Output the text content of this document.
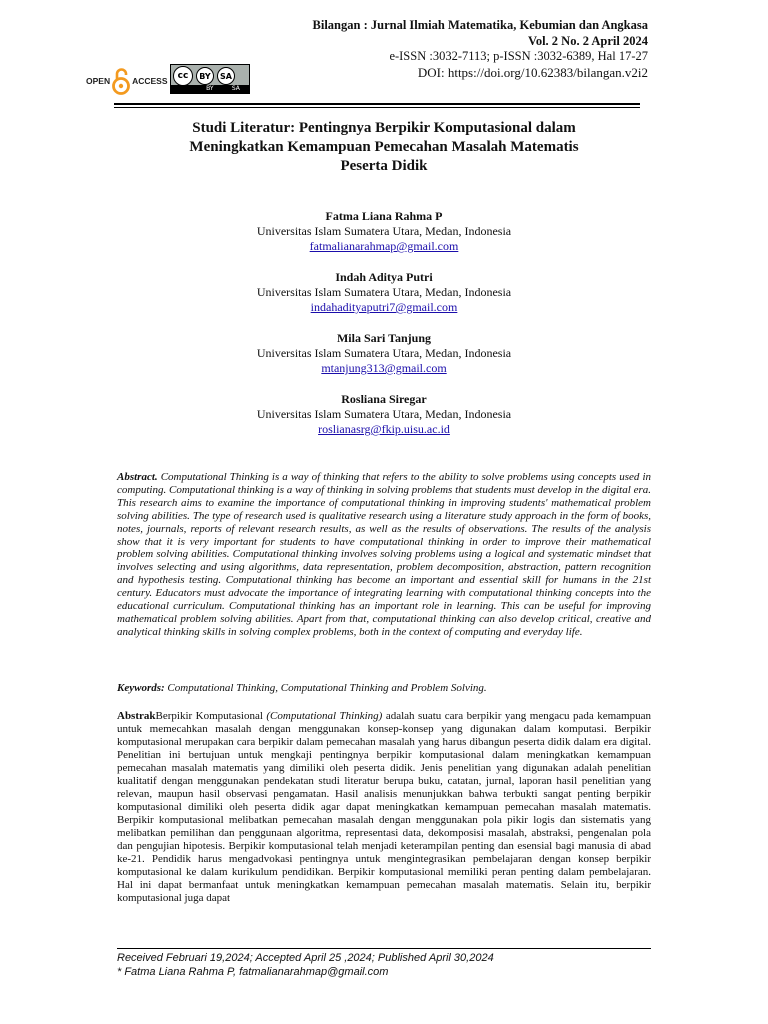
Bilangan : Jurnal Ilmiah Matematika, Kebumian dan Angkasa
Vol. 2 No. 2 April 2024
e-ISSN :3032-7113; p-ISSN :3032-6389, Hal 17-27
DOI: https://doi.org/10.62383/bilangan.v2i2
OPEN	ACCESS	cc	BY	SA
BY	SA
Studi Literatur: Pentingnya Berpikir Komputasional dalam
Meningkatkan Kemampuan Pemecahan Masalah Matematis
Peserta Didik
Fatma Liana Rahma P
Universitas Islam Sumatera Utara, Medan, Indonesia
fatmalianarahmap@gmail.com
Indah Aditya Putri
Universitas Islam Sumatera Utara, Medan, Indonesia
indahadityaputri7@gmail.com
Mila Sari Tanjung
Universitas Islam Sumatera Utara, Medan, Indonesia
mtanjung313@gmail.com
Rosliana Siregar
Universitas Islam Sumatera Utara, Medan, Indonesia
roslianasrg@fkip.uisu.ac.id
Abstract. Computational Thinking is a way of thinking that refers to the ability to solve problems using concepts used in computing. Computational thinking is a way of thinking in solving problems that students must develop in the digital era. This research aims to examine the importance of computational thinking in improving students' mathematical problem solving abilities. The type of research used is qualitative research using a literature study approach in the form of books, notes, journals, reports of relevant research results, as well as the results of observations. The results of the analysis show that it is very important for students to have computational thinking in order to improve their mathematical problem solving abilities. Computational thinking involves solving problems using a logical and systematic mindset that involves selecting and using algorithms, data representation, problem decomposition, abstraction, pattern recognition and hypothesis testing. Computational thinking has become an important and essential skill for humans in the 21st century. Educators must advocate the importance of integrating learning with computational thinking concepts into the educational curriculum. Computational thinking has an important role in learning. This can be useful for improving mathematical problem solving abilities. Apart from that, computational thinking can also develop critical, creative and analytical thinking skills in solving complex problems, both in the context of computing and everyday life.
Keywords: Computational Thinking, Computational Thinking and Problem Solving.
AbstrakBerpikir Komputasional (Computational Thinking) adalah suatu cara berpikir yang mengacu pada kemampuan untuk memecahkan masalah dengan menggunakan konsep-konsep yang digunakan dalam komputasi. Berpikir komputasional merupakan cara berpikir dalam pemecahan masalah yang harus dibangun peserta didik dalam era digital. Penelitian ini bertujuan untuk mengkaji pentingnya berpikir komputasional dalam meningkatkan kemampuan pemecahan masalah matematis yang dimiliki oleh peserta didik. Jenis penelitian yang digunakan adalah penelitian kualitatif dengan menggunakan pendekatan studi literatur berupa buku, catatan, jurnal, laporan hasil penelitian yang relevan, maupun hasil observasi pengamatan. Hasil analisis menunjukkan bahwa terbukti sangat penting berpikir komputasional dimiliki oleh peserta didik agar dapat meningkatkan kemampuan pemecahan masalah matematis. Berpikir komputasional melibatkan pemecahan masalah dengan menggunakan pola pikir logis dan sistematis yang melibatkan pemilihan dan penggunaan algoritma, representasi data, dekomposisi masalah, abstraksi, pengenalan pola dan pengujian hipotesis. Berpikir komputasional telah menjadi keterampilan penting dan esensial bagi manusia di abad ke-21. Pendidik harus mengadvokasi pentingnya untuk mengintegrasikan pembelajaran dengan konsep berpikir komputasional ke dalam kurikulum pendidikan. Berpikir komputasional memiliki peran penting dalam pembelajaran. Hal ini dapat bermanfaat untuk meningkatkan kemampuan pemecahan masalah matematis. Selain itu, berpikir komputasional juga dapat
Received Februari 19,2024; Accepted April 25 ,2024; Published April 30,2024
* Fatma Liana Rahma P, fatmalianarahmap@gmail.com
